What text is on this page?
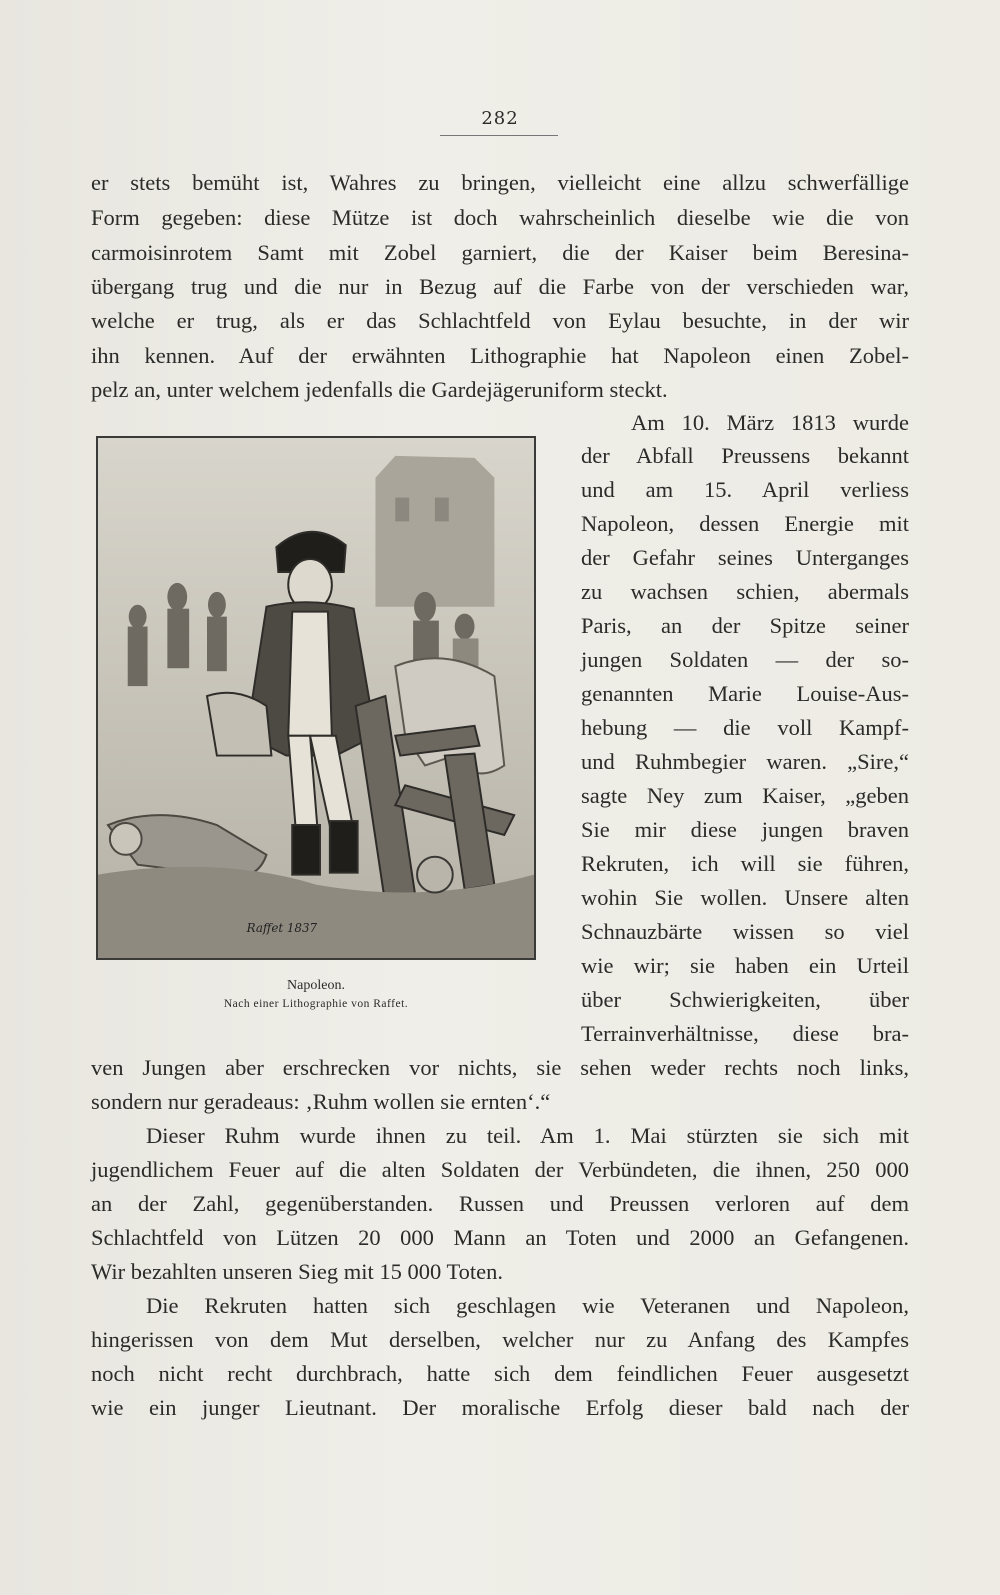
282
er stets bemüht ist, Wahres zu bringen, vielleicht eine allzu schwerfällige
Form gegeben: diese Mütze ist doch wahrscheinlich dieselbe wie die von
carmoisinrotem Samt mit Zobel garniert, die der Kaiser beim Beresina-
übergang trug und die nur in Bezug auf die Farbe von der verschieden war,
welche er trug, als er das Schlachtfeld von Eylau besuchte, in der wir
ihn kennen. Auf der erwähnten Lithographie hat Napoleon einen Zobel-
pelz an, unter welchem jedenfalls die Gardejägeruniform steckt.
Am 10. März 1813 wurde
der Abfall Preussens bekannt
und am 15. April verliess
Napoleon, dessen Energie mit
der Gefahr seines Unterganges
zu wachsen schien, abermals
Paris, an der Spitze seiner
jungen Soldaten — der so-
genannten Marie Louise-Aus-
hebung — die voll Kampf-
und Ruhmbegier waren. „Sire,“
sagte Ney zum Kaiser, „geben
Sie mir diese jungen braven
Rekruten, ich will sie führen,
wohin Sie wollen. Unsere alten
Schnauzbärte wissen so viel
wie wir; sie haben ein Urteil
über Schwierigkeiten, über
Terrainverhältnisse, diese bra-
ven Jungen aber erschrecken vor nichts, sie sehen weder rechts noch links,
sondern nur geradeaus: ‚Ruhm wollen sie ernten‘.“
Dieser Ruhm wurde ihnen zu teil. Am 1. Mai stürzten sie sich mit
jugendlichem Feuer auf die alten Soldaten der Verbündeten, die ihnen, 250 000
an der Zahl, gegenüberstanden. Russen und Preussen verloren auf dem
Schlachtfeld von Lützen 20 000 Mann an Toten und 2000 an Gefangenen.
Wir bezahlten unseren Sieg mit 15 000 Toten.
Die Rekruten hatten sich geschlagen wie Veteranen und Napoleon,
hingerissen von dem Mut derselben, welcher nur zu Anfang des Kampfes
noch nicht recht durchbrach, hatte sich dem feindlichen Feuer ausgesetzt
wie ein junger Lieutnant. Der moralische Erfolg dieser bald nach der
Raffet 1837
Napoleon.
Nach einer Lithographie von Raffet.
